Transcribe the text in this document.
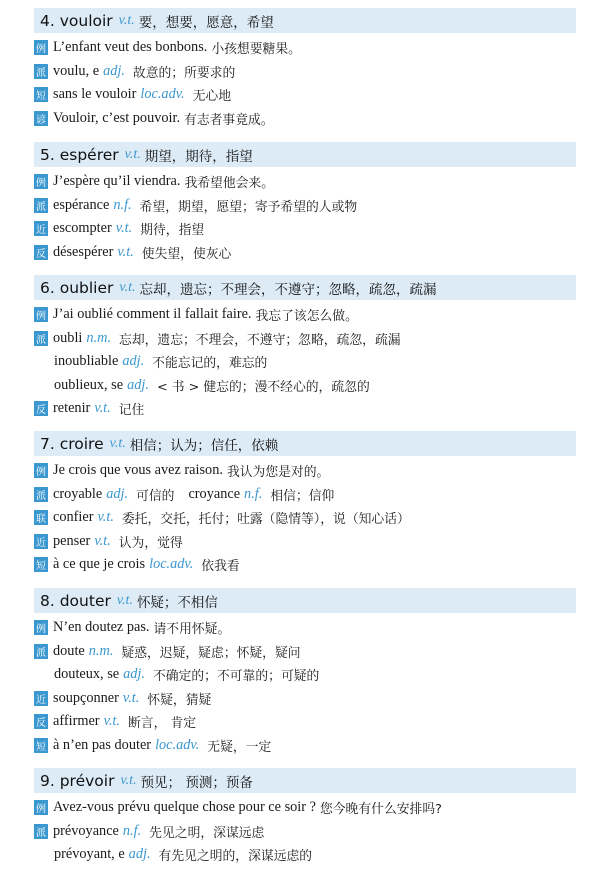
4. vouloir v.t. 要，想要，愿意，希望
例 L’enfant veut des bonbons. 小孩想要糖果。
派 voulu, e adj. 故意的；所要求的
短 sans le vouloir loc.adv. 无心地
谚 Vouloir, c’est pouvoir. 有志者事竟成。
5. espérer v.t. 期望，期待，指望
例 J’espère qu’il viendra. 我希望他会来。
派 espérance n.f. 希望，期望，愿望；寄予希望的人或物
近 escompter v.t. 期待，指望
反 désespérer v.t. 使失望，使灰心
6. oublier v.t. 忘却，遗忘；不理会，不遵守；忽略，疏忽，疏漏
例 J’ai oublié comment il fallait faire. 我忘了该怎么做。
派 oubli n.m. 忘却，遗忘；不理会，不遵守；忽略，疏忽，疏漏
inoubliable adj. 不能忘记的，难忘的
oublieux, se adj. < 书 > 健忘的；漫不经心的，疏忽的
反 retenir v.t. 记住
7. croire v.t. 相信；认为；信任，依赖
例 Je crois que vous avez raison. 我认为您是对的。
派 croyable adj. 可信的 croyance n.f. 相信；信仰
联 confier v.t. 委托，交托，托付；吐露（隐情等），说（知心话）
近 penser v.t. 认为，觉得
短 à ce que je crois loc.adv. 依我看
8. douter v.t. 怀疑；不相信
例 N’en doutez pas. 请不用怀疑。
派 doute n.m. 疑惑，迟疑，疑虑；怀疑，疑问
douteux, se adj. 不确定的；不可靠的；可疑的
近 soupçonner v.t. 怀疑，猜疑
反 affirmer v.t. 断言， 肯定
短 à n’en pas douter loc.adv. 无疑，一定
9. prévoir v.t. 预见； 预测；预备
例 Avez-vous prévu quelque chose pour ce soir ? 您今晚有什么安排吗?
派 prévoyance n.f. 先见之明，深谋远虑
prévoyant, e adj. 有先见之明的，深谋远虑的
